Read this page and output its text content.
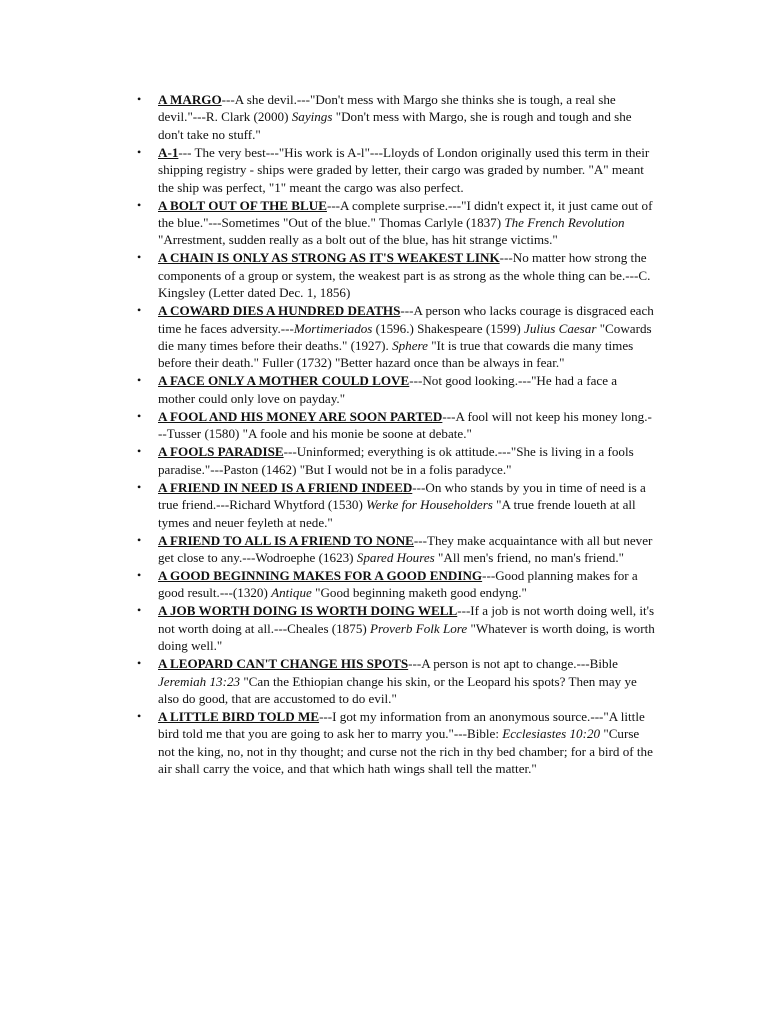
• A MARGO---A she devil.---"Don't mess with Margo she thinks she is tough, a real she devil."---R. Clark (2000) Sayings "Don't mess with Margo, she is rough and tough and she don't take no stuff."
• A-1--- The very best---"His work is A-l"---Lloyds of London originally used this term in their shipping registry - ships were graded by letter, their cargo was graded by number. "A" meant the ship was perfect, "1" meant the cargo was also perfect.
• A BOLT OUT OF THE BLUE---A complete surprise.---"I didn't expect it, it just came out of the blue."---Sometimes "Out of the blue." Thomas Carlyle (1837) The French Revolution "Arrestment, sudden really as a bolt out of the blue, has hit strange victims."
• A CHAIN IS ONLY AS STRONG AS IT'S WEAKEST LINK---No matter how strong the components of a group or system, the weakest part is as strong as the whole thing can be.---C. Kingsley (Letter dated Dec. 1, 1856)
• A COWARD DIES A HUNDRED DEATHS---A person who lacks courage is disgraced each time he faces adversity.---Mortimeriados (1596.) Shakespeare (1599) Julius Caesar "Cowards die many times before their deaths." (1927). Sphere "It is true that cowards die many times before their death." Fuller (1732) "Better hazard once than be always in fear."
• A FACE ONLY A MOTHER COULD LOVE---Not good looking.---"He had a face a mother could only love on payday."
• A FOOL AND HIS MONEY ARE SOON PARTED---A fool will not keep his money long.---Tusser (1580) "A foole and his monie be soone at debate."
• A FOOLS PARADISE---Uninformed; everything is ok attitude.---"She is living in a fools paradise."---Paston (1462) "But I would not be in a folis paradyce."
• A FRIEND IN NEED IS A FRIEND INDEED---On who stands by you in time of need is a true friend.---Richard Whytford (1530) Werke for Householders "A true frende loueth at all tymes and neuer feyleth at nede."
• A FRIEND TO ALL IS A FRIEND TO NONE---They make acquaintance with all but never get close to any.---Wodroephe (1623) Spared Houres "All men's friend, no man's friend."
• A GOOD BEGINNING MAKES FOR A GOOD ENDING---Good planning makes for a good result.---(1320) Antique "Good beginning maketh good endyng."
• A JOB WORTH DOING IS WORTH DOING WELL---If a job is not worth doing well, it's not worth doing at all.---Cheales (1875) Proverb Folk Lore "Whatever is worth doing, is worth doing well."
• A LEOPARD CAN'T CHANGE HIS SPOTS---A person is not apt to change.---Bible Jeremiah 13:23 "Can the Ethiopian change his skin, or the Leopard his spots? Then may ye also do good, that are accustomed to do evil."
• A LITTLE BIRD TOLD ME---I got my information from an anonymous source.---"A little bird told me that you are going to ask her to marry you."---Bible: Ecclesiastes 10:20 "Curse not the king, no, not in thy thought; and curse not the rich in thy bed chamber; for a bird of the air shall carry the voice, and that which hath wings shall tell the matter."
